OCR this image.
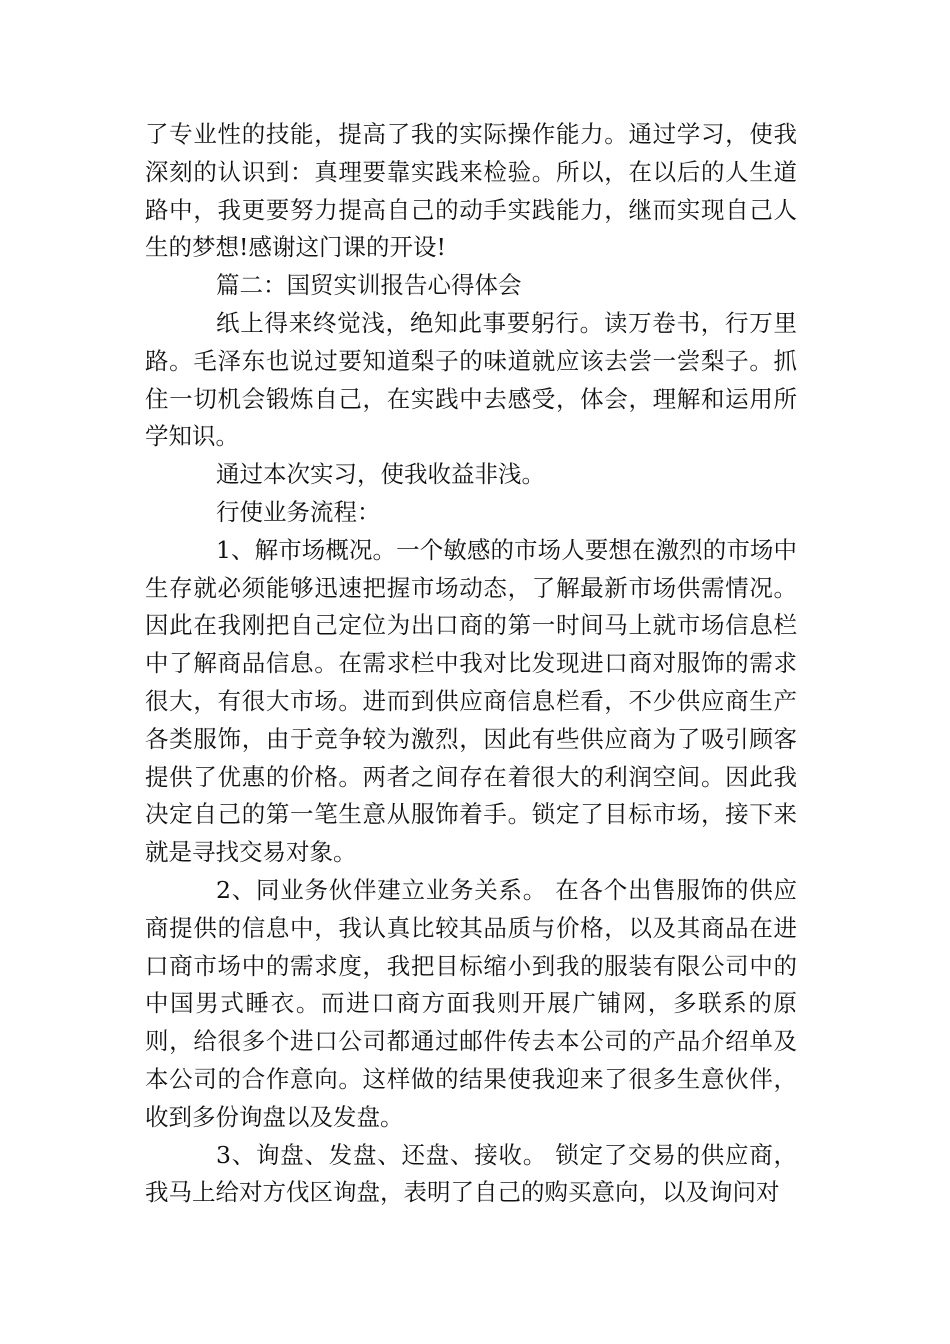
了专业性的技能，提高了我的实际操作能力。通过学习，使我深刻的认识到：真理要靠实践来检验。所以，在以后的人生道路中，我更要努力提高自己的动手实践能力，继而实现自己人生的梦想!感谢这门课的开设!

篇二：国贸实训报告心得体会

纸上得来终觉浅，绝知此事要躬行。读万卷书，行万里路。毛泽东也说过要知道梨子的味道就应该去尝一尝梨子。抓住一切机会锻炼自己，在实践中去感受，体会，理解和运用所学知识。

通过本次实习，使我收益非浅。

行使业务流程：

1、解市场概况。一个敏感的市场人要想在激烈的市场中生存就必须能够迅速把握市场动态，了解最新市场供需情况。因此在我刚把自己定位为出口商的第一时间马上就市场信息栏中了解商品信息。在需求栏中我对比发现进口商对服饰的需求很大，有很大市场。进而到供应商信息栏看，不少供应商生产各类服饰，由于竞争较为激烈，因此有些供应商为了吸引顾客提供了优惠的价格。两者之间存在着很大的利润空间。因此我决定自己的第一笔生意从服饰着手。锁定了目标市场，接下来就是寻找交易对象。

2、同业务伙伴建立业务关系。 在各个出售服饰的供应商提供的信息中，我认真比较其品质与价格，以及其商品在进口商市场中的需求度，我把目标缩小到我的服装有限公司中的中国男式睡衣。而进口商方面我则开展广铺网，多联系的原则，给很多个进口公司都通过邮件传去本公司的产品介绍单及本公司的合作意向。这样做的结果使我迎来了很多生意伙伴，收到多份询盘以及发盘。

3、询盘、发盘、还盘、接收。 锁定了交易的供应商，我马上给对方伐区询盘，表明了自己的购买意向，以及询问对
